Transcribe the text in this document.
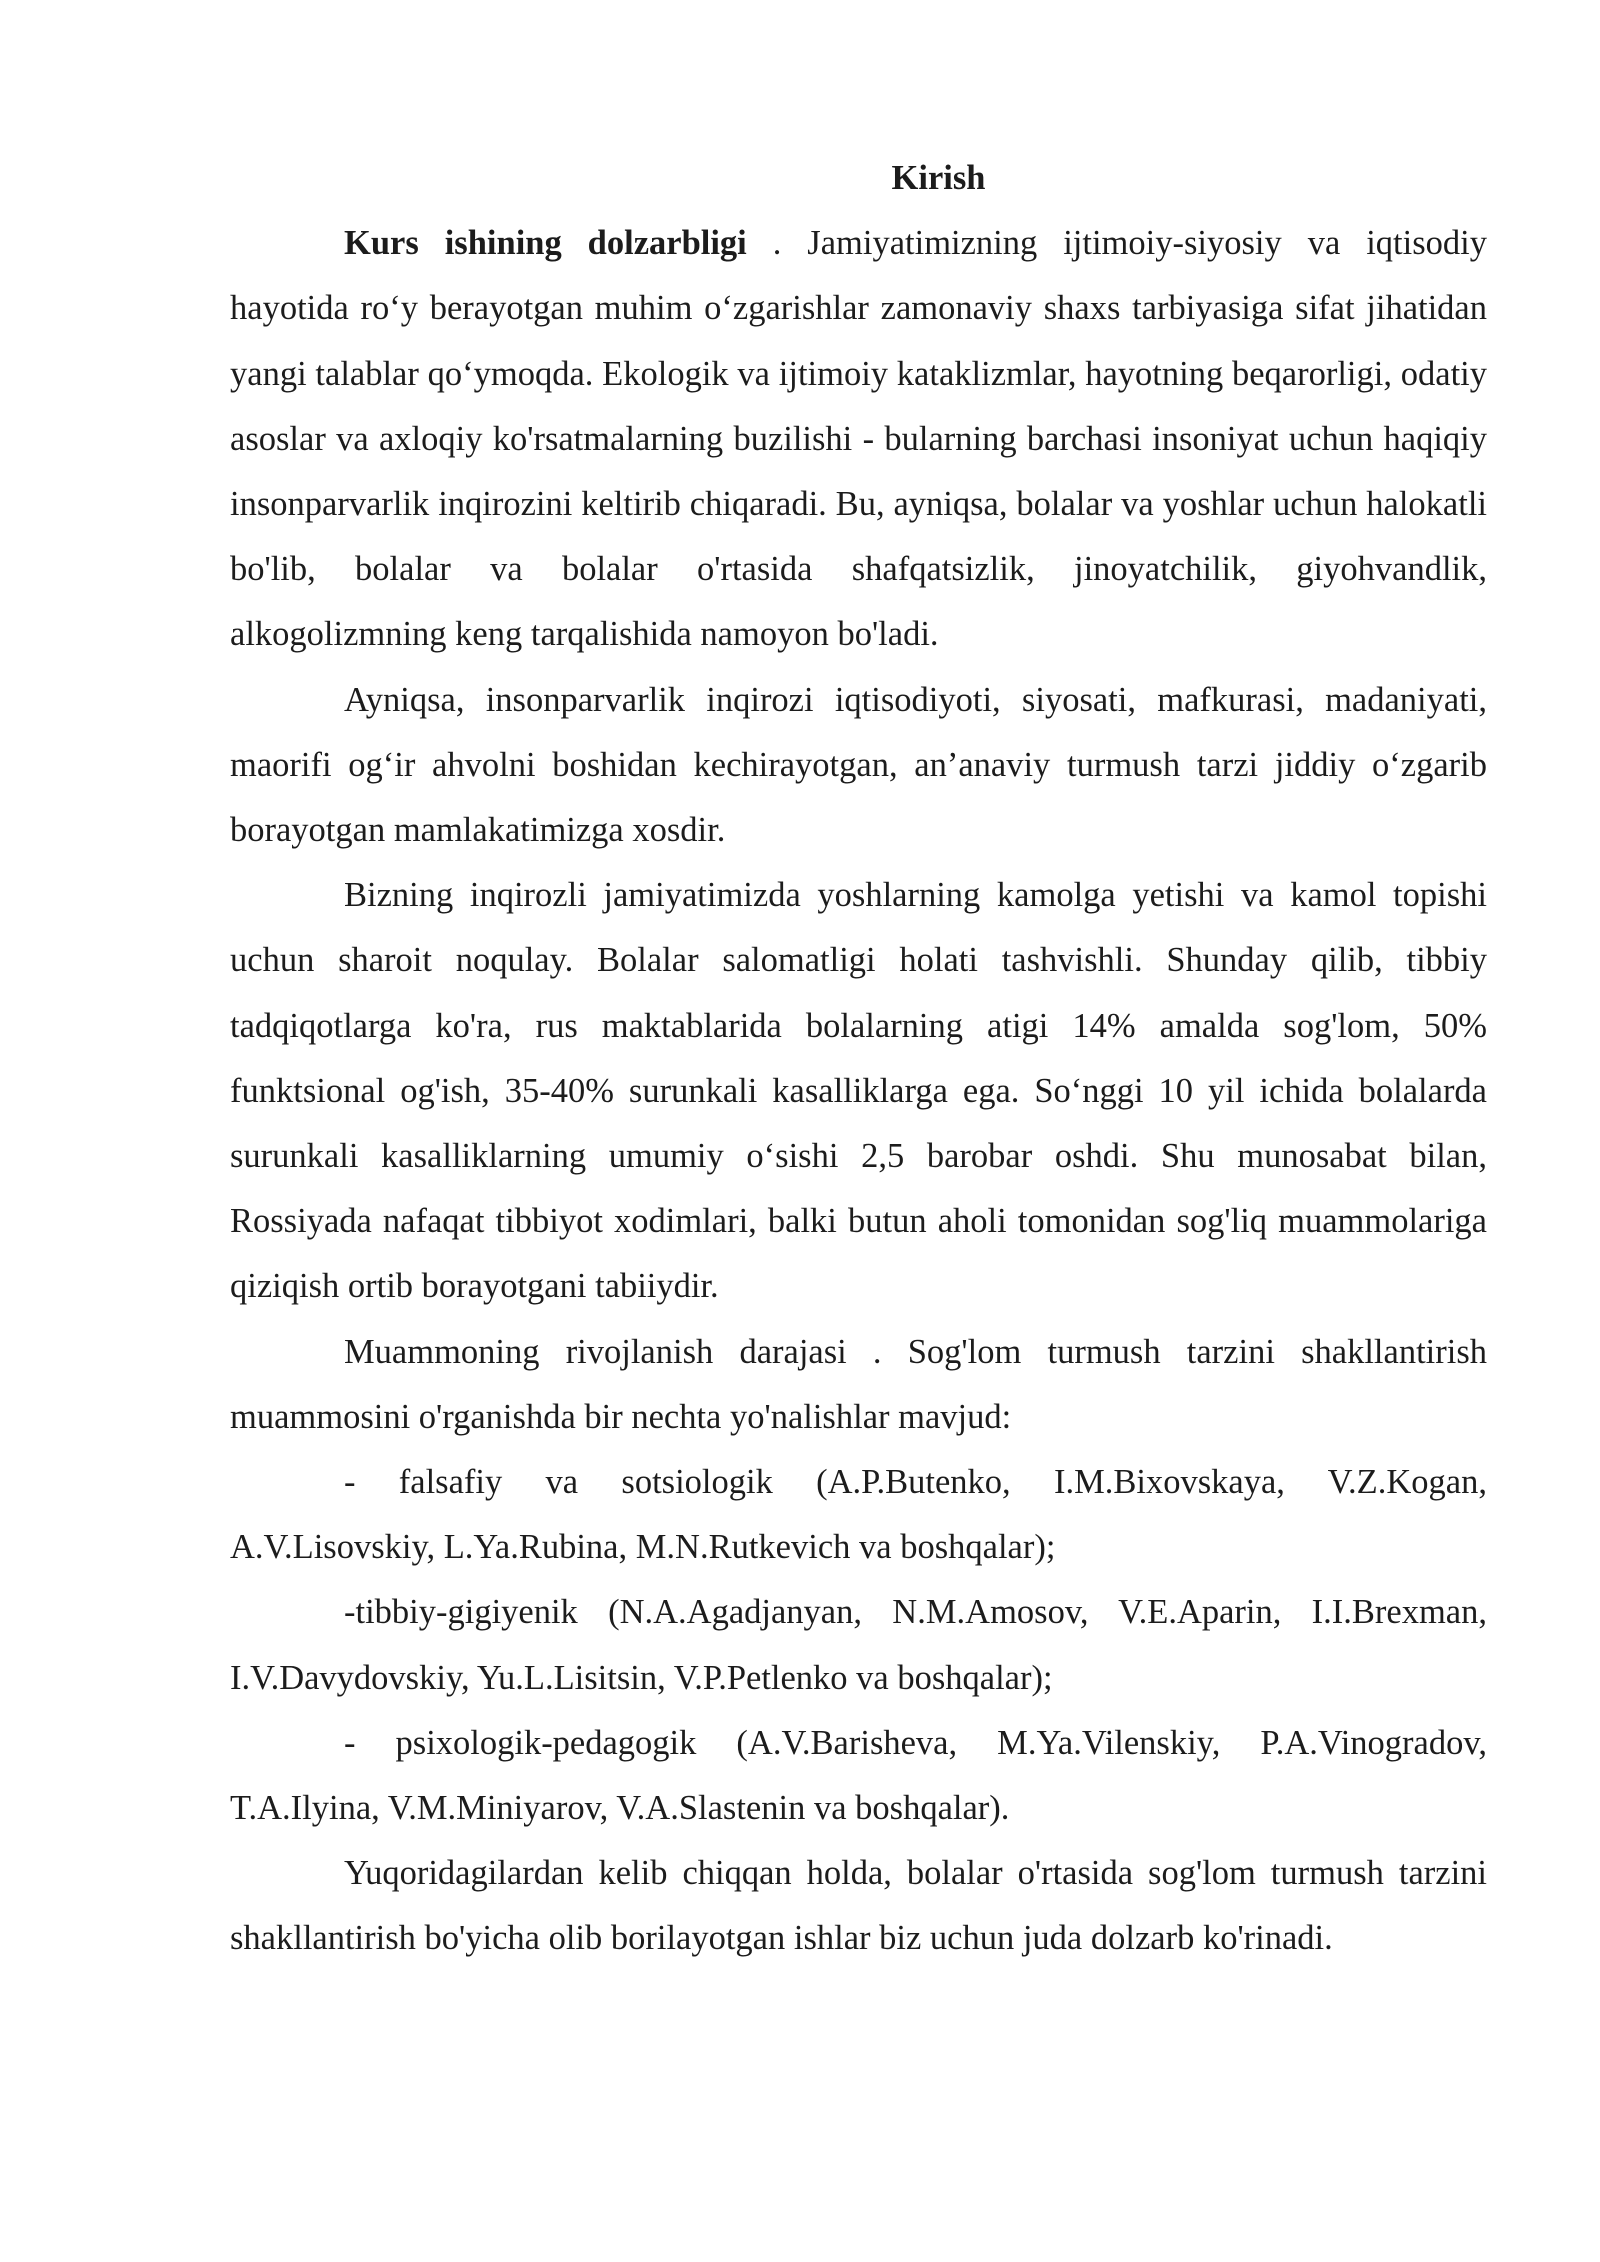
Kirish

Kurs ishining dolzarbligi . Jamiyatimizning ijtimoiy-siyosiy va iqtisodiy hayotida ro‘y berayotgan muhim o‘zgarishlar zamonaviy shaxs tarbiyasiga sifat jihatidan yangi talablar qo‘ymoqda. Ekologik va ijtimoiy kataklizmlar, hayotning beqarorligi, odatiy asoslar va axloqiy ko'rsatmalarning buzilishi - bularning barchasi insoniyat uchun haqiqiy insonparvarlik inqirozini keltirib chiqaradi. Bu, ayniqsa, bolalar va yoshlar uchun halokatli bo'lib, bolalar va bolalar o'rtasida shafqatsizlik, jinoyatchilik, giyohvandlik, alkogolizmning keng tarqalishida namoyon bo'ladi.

Ayniqsa, insonparvarlik inqirozi iqtisodiyoti, siyosati, mafkurasi, madaniyati, maorifi og‘ir ahvolni boshidan kechirayotgan, an’anaviy turmush tarzi jiddiy o‘zgarib borayotgan mamlakatimizga xosdir.

Bizning inqirozli jamiyatimizda yoshlarning kamolga yetishi va kamol topishi uchun sharoit noqulay. Bolalar salomatligi holati tashvishli. Shunday qilib, tibbiy tadqiqotlarga ko'ra, rus maktablarida bolalarning atigi 14% amalda sog'lom, 50% funktsional og'ish, 35-40% surunkali kasalliklarga ega. So‘nggi 10 yil ichida bolalarda surunkali kasalliklarning umumiy o‘sishi 2,5 barobar oshdi. Shu munosabat bilan, Rossiyada nafaqat tibbiyot xodimlari, balki butun aholi tomonidan sog'liq muammolariga qiziqish ortib borayotgani tabiiydir.

Muammoning rivojlanish darajasi . Sog'lom turmush tarzini shakllantirish muammosini o'rganishda bir nechta yo'nalishlar mavjud:

- falsafiy va sotsiologik (A.P.Butenko, I.M.Bixovskaya, V.Z.Kogan, A.V.Lisovskiy, L.Ya.Rubina, M.N.Rutkevich va boshqalar);

-tibbiy-gigiyenik (N.A.Agadjanyan, N.M.Amosov, V.E.Aparin, I.I.Brexman, I.V.Davydovskiy, Yu.L.Lisitsin, V.P.Petlenko va boshqalar);

- psixologik-pedagogik (A.V.Barisheva, M.Ya.Vilenskiy, P.A.Vinogradov, T.A.Ilyina, V.M.Miniyarov, V.A.Slastenin va boshqalar).

Yuqoridagilardan kelib chiqqan holda, bolalar o'rtasida sog'lom turmush tarzini shakllantirish bo'yicha olib borilayotgan ishlar biz uchun juda dolzarb ko'rinadi.
